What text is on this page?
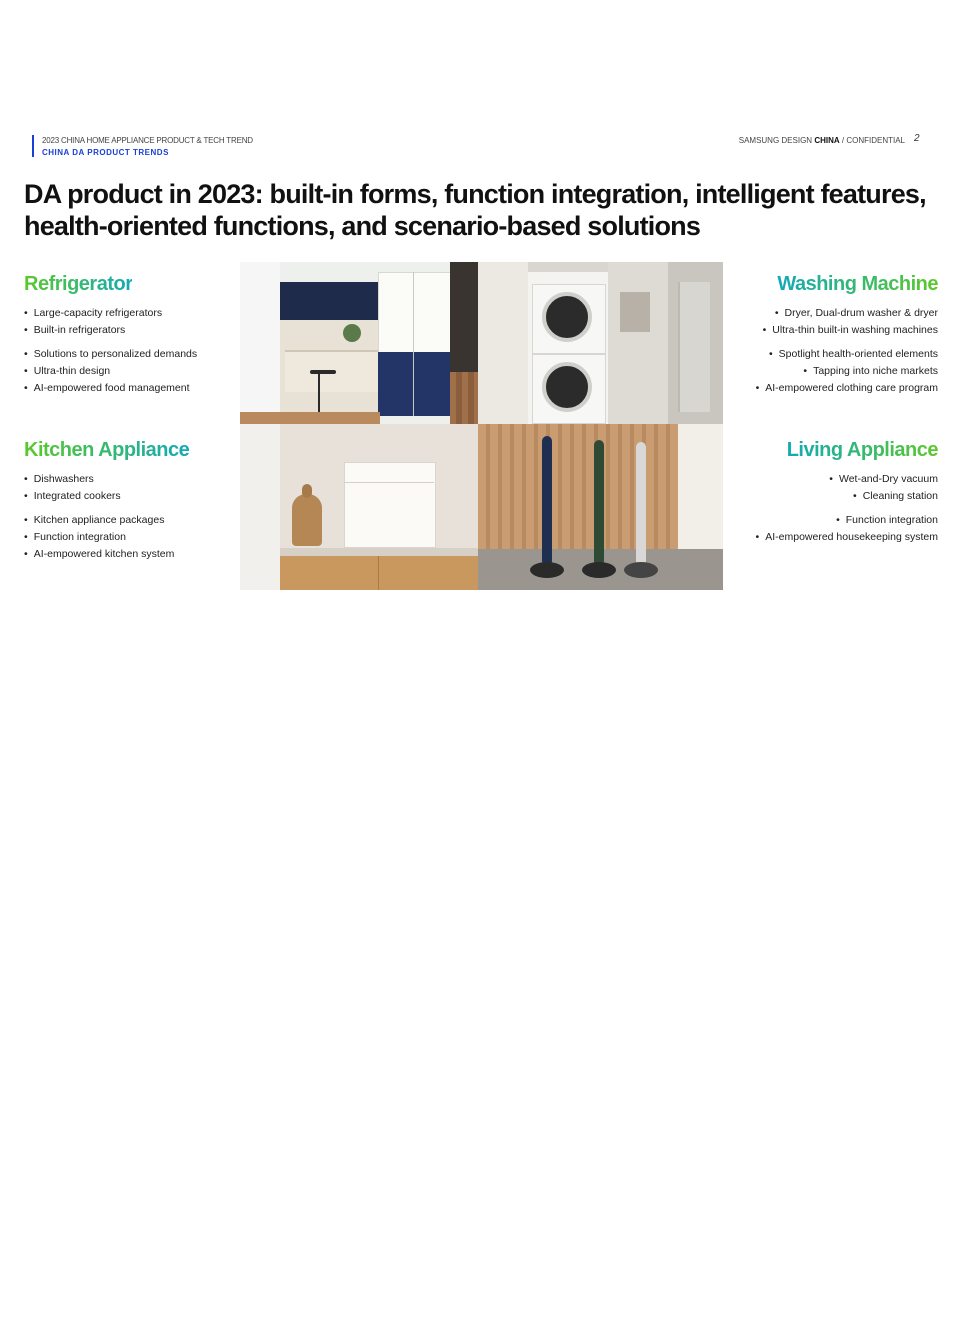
2023 CHINA HOME APPLIANCE PRODUCT & TECH TREND
CHINA DA PRODUCT TRENDS
SAMSUNG DESIGN CHINA / CONFIDENTIAL 2
DA product in 2023: built-in forms, function integration, intelligent features, health-oriented functions, and scenario-based solutions
Refrigerator
• Large-capacity refrigerators
• Built-in refrigerators
• Solutions to personalized demands
• Ultra-thin design
• AI-empowered food management
Kitchen Appliance
• Dishwashers
• Integrated cookers
• Kitchen appliance packages
• Function integration
• AI-empowered kitchen system
Washing Machine
• Dryer, Dual-drum washer & dryer
• Ultra-thin built-in washing machines
• Spotlight health-oriented elements
• Tapping into niche markets
• AI-empowered clothing care program
Living Appliance
• Wet-and-Dry vacuum
• Cleaning station
• Function integration
• AI-empowered housekeeping system
